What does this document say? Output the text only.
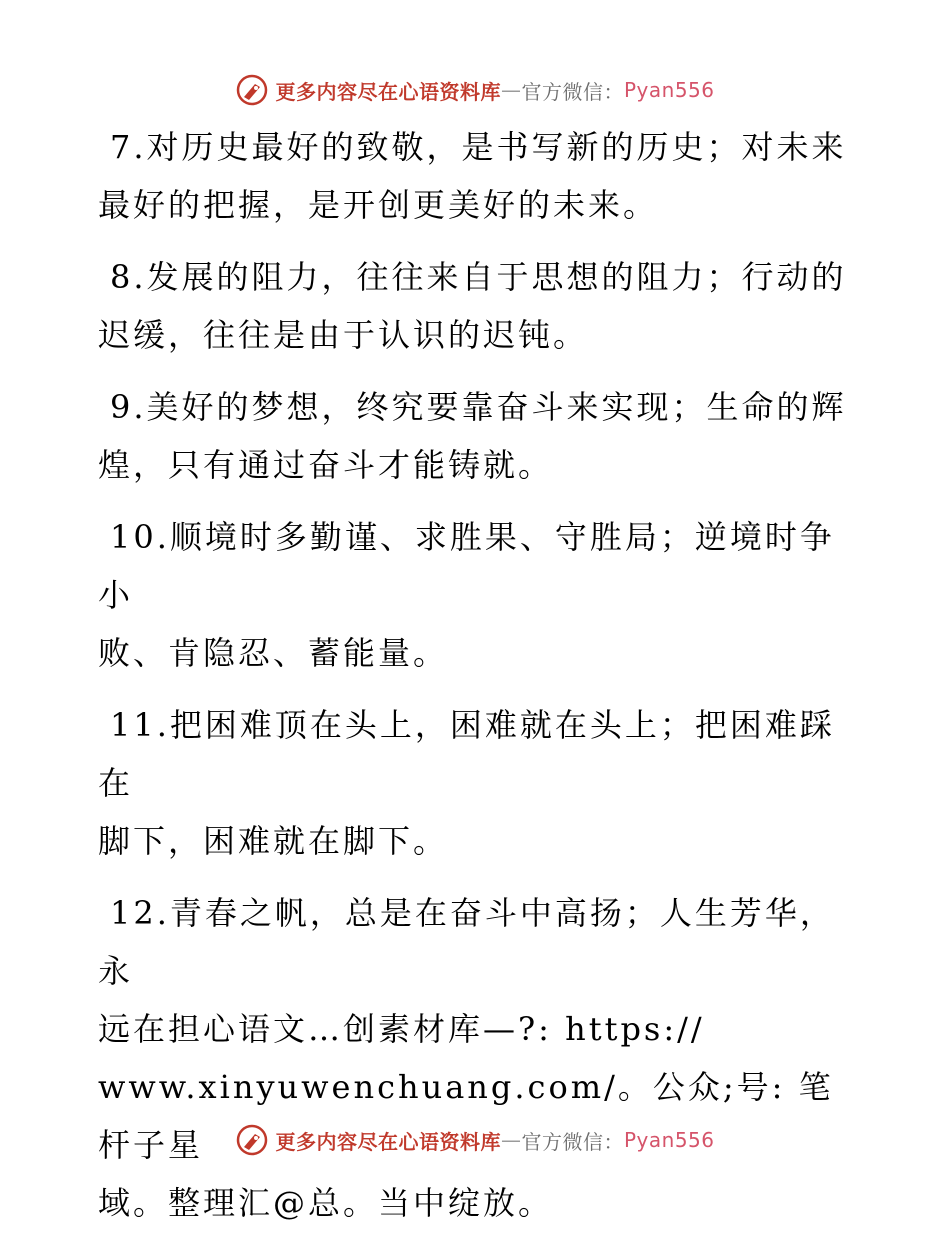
更多内容尽在心语资料库 — 官方微信： Pyan556

7.对历史最好的致敬，是书写新的历史；对未来
最好的把握，是开创更美好的未来。

8.发展的阻力，往往来自于思想的阻力；行动的
迟缓，往往是由于认识的迟钝。

9.美好的梦想，终究要靠奋斗来实现；生命的辉
煌，只有通过奋斗才能铸就。

10.顺境时多勤谨、求胜果、守胜局；逆境时争小
败、肯隐忍、蓄能量。

11.把困难顶在头上，困难就在头上；把困难踩在
脚下，困难就在脚下。

12.青春之帆，总是在奋斗中高扬；人生芳华，永
远在担心语文…创素材库—?: https://
www.xinyuwenchuang.com/。公众;号: 笔杆子星
域。整理汇@总。当中绽放。

更多内容尽在心语资料库 — 官方微信： Pyan556
